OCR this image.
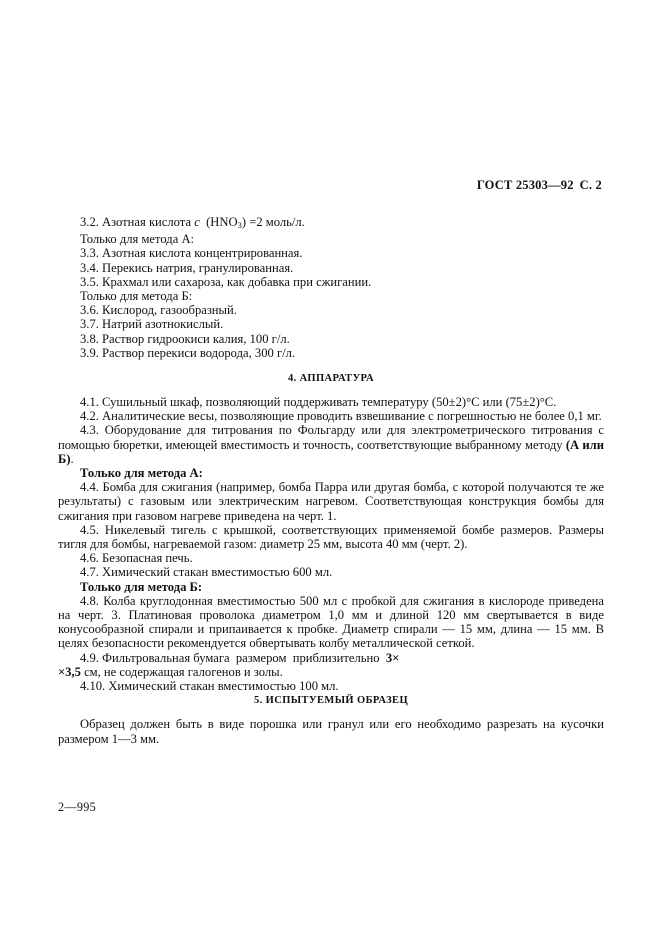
ГОСТ 25303—92 С. 2

3.2. Азотная кислота с  $(HNO_3) =2$ моль/л.

Только для метода А:

3.3. Азотная кислота концентрированная.

3.4. Перекись натрия, гранулированная.

3.5. Крахмал или сахароза, как добавка при сжигании.

Только для метода Б:

3.6. Кислород, газообразный.

3.7. Натрий азотнокислый.

3.8. Раствор гидроокиси калия, 100 г/л.

3.9. Раствор перекиси водорода, 300 г/л.

4. АППАРАТУРА

4.1. Сушильный шкаф, позволяющий поддерживать температуру (50±2)°С или (75±2)°С.

4.2. Аналитические весы, позволяющие проводить взвешивание с погрешностью не более 0,1 мг.

4.3. Оборудование для титрования по Фольгарду или для электрометрического титрования с помощью бюретки, имеющей вместимость и точность, соответствующие выбранному методу (А или Б).

Только для метода А:

4.4. Бомба для сжигания (например, бомба Парра или другая бомба, с которой получаются те же результаты) с газовым или электрическим нагревом. Соответствующая конструкция бомбы для сжигания при газовом нагреве приведена на черт. 1.

4.5. Никелевый тигель с крышкой, соответствующих применяемой бомбе размеров. Размеры тигля для бомбы, нагреваемой газом: диаметр 25 мм, высота 40 мм (черт. 2).

4.6. Безопасная печь.

4.7. Химический стакан вместимостью 600 мл.

Только для метода Б:

4.8. Колба круглодонная вместимостью 500 мл с пробкой для сжигания в кислороде приведена на черт. 3. Платиновая проволока диаметром 1,0 мм и длиной 120 мм свертывается в виде конусообразной спирали и припаивается к пробке. Диаметр спирали — 15 мм, длина — 15 мм. В целях безопасности рекомендуется обвертывать колбу металлической сеткой.

4.9. Фильтровальная бумага  размером  приблизительно  3×
×3,5 см, не содержащая галогенов и золы.

4.10. Химический стакан вместимостью 100 мл.

5. ИСПЫТУЕМЫЙ ОБРАЗЕЦ

Образец должен быть в виде порошка или гранул или его необходимо разрезать на кусочки размером 1—3 мм.

2—995
